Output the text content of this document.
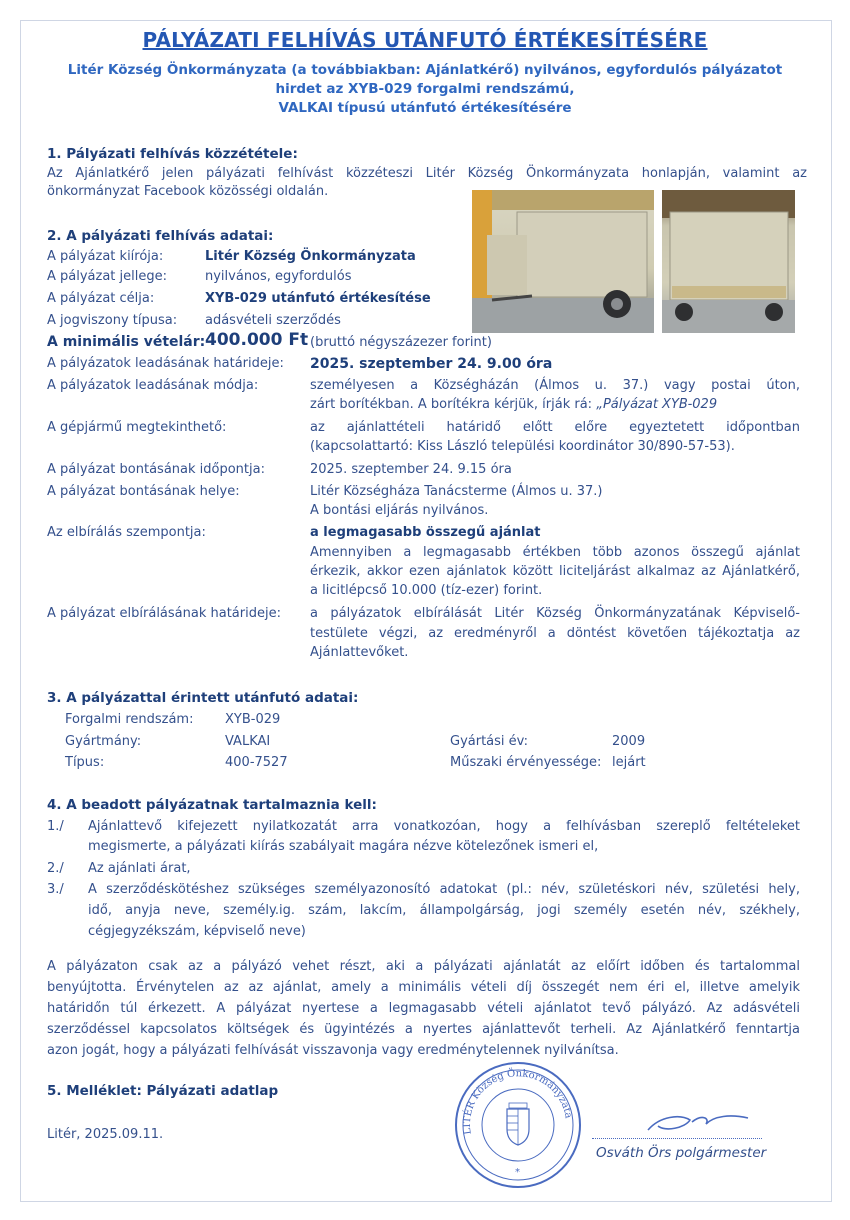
PÁLYÁZATI FELHÍVÁS UTÁNFUTÓ ÉRTÉKESÍTÉSÉRE
Litér Község Önkormányzata (a továbbiakban: Ajánlatkérő) nyilvános, egyfordulós pályázatot
hirdet az XYB-029 forgalmi rendszámú,
VALKAI típusú utánfutó értékesítésére
1. Pályázati felhívás közzététele:
Az Ajánlatkérő jelen pályázati felhívást közzéteszi Litér Község Önkormányzata honlapján, valamint az önkormányzat Facebook közösségi oldalán.
2. A pályázati felhívás adatai:
A pályázat kiírója:	Litér Község Önkormányzata
A pályázat jellege:	nyilvános, egyfordulós
A pályázat célja:	XYB-029 utánfutó értékesítése
A jogviszony típusa: adásvételi szerződés
A minimális vételár: 400.000 Ft (bruttó négyszázezer forint)
A pályázatok leadásának határideje: 2025. szeptember 24. 9.00 óra
A pályázatok leadásának módja:	személyesen a Községházán (Álmos u. 37.) vagy postai úton,
zárt borítékban. A borítékra kérjük, írják rá: „Pályázat XYB-029
A gépjármű megtekinthető:	az ajánlattételi határidő előtt előre egyeztetett időpontban
(kapcsolattartó: Kiss László települési koordinátor 30/890-57-53).
A pályázat bontásának időpontja:	2025. szeptember 24. 9.15 óra
A pályázat bontásának helye:	Litér Községháza Tanácsterme (Álmos u. 37.)
A bontási eljárás nyilvános.
Az elbírálás szempontja:	a legmagasabb összegű ajánlat
Amennyiben a legmagasabb értékben több azonos összegű ajánlat
érkezik, akkor ezen ajánlatok között liciteljárást alkalmaz az Ajánlatkérő,
a licitlépcső 10.000 (tíz-ezer) forint.
A pályázat elbírálásának határideje: a pályázatok elbírálását Litér Község Önkormányzatának Képviselő-
testülete végzi, az eredményről a döntést követően tájékoztatja az
Ajánlattevőket.
3. A pályázattal érintett utánfutó adatai:
Forgalmi rendszám: XYB-029
Gyártmány:	VALKAI	Gyártási év:	2009
Típus:	400-7527	Műszaki érvényessége: lejárt
4. A beadott pályázatnak tartalmaznia kell:
1./ Ajánlattevő kifejezett nyilatkozatát arra vonatkozóan, hogy a felhívásban szereplő feltételeket
megismerte, a pályázati kiírás szabályait magára nézve kötelezőnek ismeri el,
2./ Az ajánlati árat,
3./ A szerződéskötéshez szükséges személyazonosító adatokat (pl.: név, születéskori név, születési hely,
idő, anyja neve, személy.ig. szám, lakcím, állampolgárság, jogi személy esetén név, székhely,
cégjegyzékszám, képviselő neve)
A pályázaton csak az a pályázó vehet részt, aki a pályázati ajánlatát az előírt időben és tartalommal
benyújtotta. Érvénytelen az az ajánlat, amely a minimális vételi díj összegét nem éri el, illetve amelyik
határidőn túl érkezett. A pályázat nyertese a legmagasabb vételi ajánlatot tevő pályázó. Az adásvételi
szerződéssel kapcsolatos költségek és ügyintézés a nyertes ajánlattevőt terheli. Az Ajánlatkérő fenntartja
azon jogát, hogy a pályázati felhívását visszavonja vagy eredménytelennek nyilvánítsa.
5. Melléklet: Pályázati adatlap
Litér, 2025.09.11.	LITÉR Község Önkormányzata
*
Osváth Örs polgármester
